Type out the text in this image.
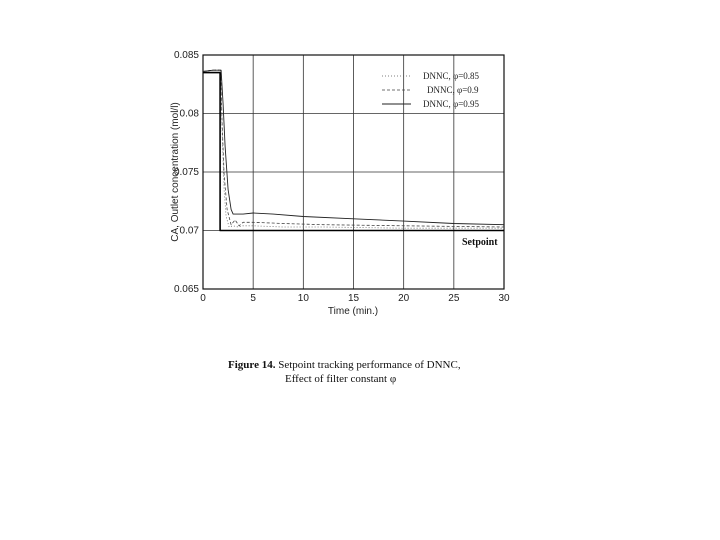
0	5	10	15	20	25	30
0.085
0.08
0.075
0.07
0.065
Time (min.)
CA, Outlet concentration (mol/l)
DNNC, φ=0.85
DNNC, φ=0.9
DNNC, φ=0.95
Setpoint
Figure 14. Setpoint tracking performance of DNNC,
Effect of filter constant φ
